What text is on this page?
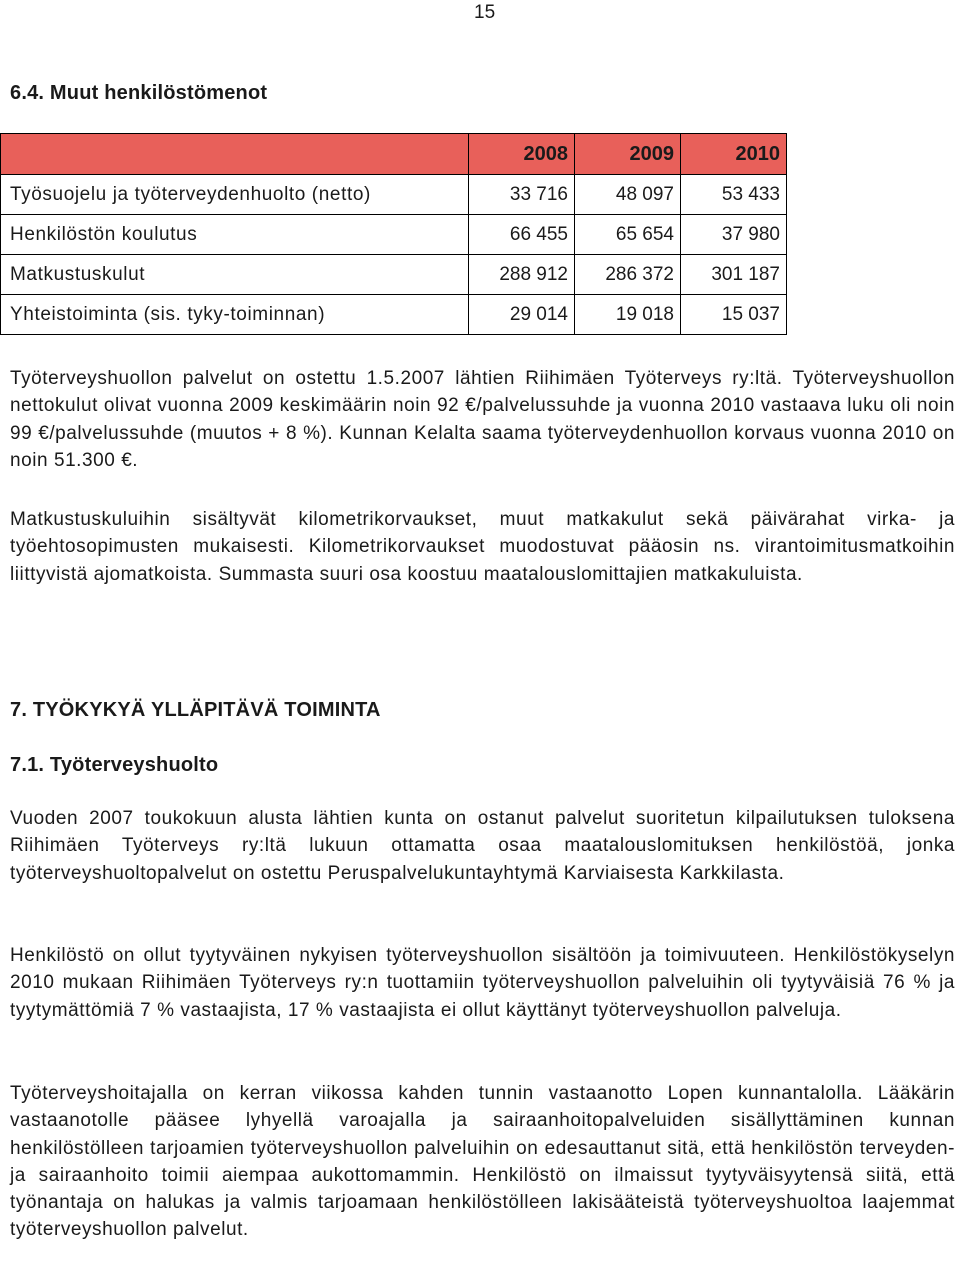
15
6.4. Muut henkilöstömenot
	2008	2009	2010
Työsuojelu ja työterveydenhuolto (netto)	33 716	48 097	53 433
Henkilöstön koulutus	66 455	65 654	37 980
Matkustuskulut	288 912	286 372	301 187
Yhteistoiminta (sis. tyky-toiminnan)	29 014	19 018	15 037

Työterveyshuollon palvelut on ostettu 1.5.2007 lähtien Riihimäen Työterveys ry:ltä. Työterveyshuollon nettokulut olivat vuonna 2009 keskimäärin noin 92 €/palvelussuhde ja vuonna 2010 vastaava luku oli noin 99 €/palvelussuhde (muutos + 8 %). Kunnan Kelalta saama työterveydenhuollon korvaus vuonna 2010 on noin 51.300 €.

Matkustuskuluihin sisältyvät kilometrikorvaukset, muut matkakulut sekä päivärahat virka- ja työehtosopimusten mukaisesti. Kilometrikorvaukset muodostuvat pääosin ns. virantoimitusmatkoihin liittyvistä ajomatkoista. Summasta suuri osa koostuu maatalouslomittajien matkakuluista.

7. TYÖKYKYÄ YLLÄPITÄVÄ TOIMINTA
7.1. Työterveyshuolto

Vuoden 2007 toukokuun alusta lähtien kunta on ostanut palvelut suoritetun kilpailutuksen tuloksena Riihimäen Työterveys ry:ltä lukuun ottamatta osaa maatalouslomituksen henkilöstöä, jonka työterveyshuoltopalvelut on ostettu Peruspalvelukuntayhtymä Karviaisesta Karkkilasta.

Henkilöstö on ollut tyytyväinen nykyisen työterveyshuollon sisältöön ja toimivuuteen. Henkilöstökyselyn 2010 mukaan Riihimäen Työterveys ry:n tuottamiin työterveyshuollon palveluihin oli tyytyväisiä 76 % ja tyytymättömiä 7 % vastaajista, 17 % vastaajista ei ollut käyttänyt työterveyshuollon palveluja.

Työterveyshoitajalla on kerran viikossa kahden tunnin vastaanotto Lopen kunnantalolla. Lääkärin vastaanotolle pääsee lyhyellä varoajalla ja sairaanhoitopalveluiden sisällyttäminen kunnan henkilöstölleen tarjoamien työterveyshuollon palveluihin on edesauttanut sitä, että henkilöstön terveyden- ja sairaanhoito toimii aiempaa aukottomammin. Henkilöstö on ilmaissut tyytyväisyytensä siitä, että työnantaja on halukas ja valmis tarjoamaan henkilöstölleen lakisääteistä työterveyshuoltoa laajemmat työterveyshuollon palvelut.
